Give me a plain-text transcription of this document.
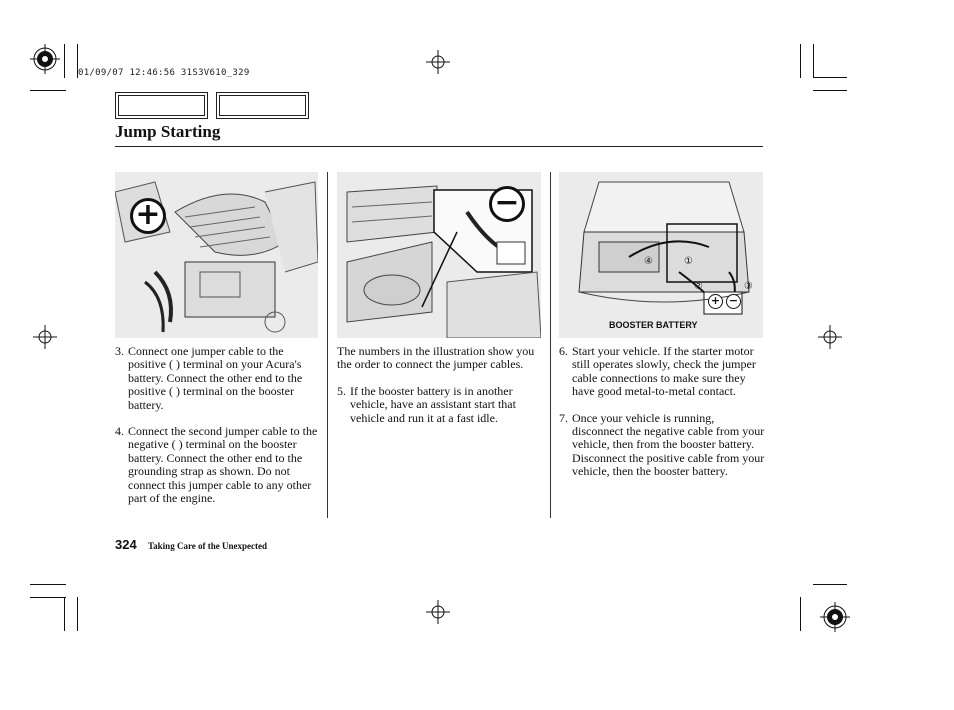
01/09/07 12:46:56 31S3V610_329
Jump Starting
+	−
+ −
①
②	③
④
BOOSTER BATTERY
3. Connect one jumper cable to the positive ( ) terminal on your Acura's battery. Connect the other end to the positive ( ) terminal on the booster battery.
4. Connect the second jumper cable to the negative ( ) terminal on the booster battery. Connect the other end to the grounding strap as shown. Do not connect this jumper cable to any other part of the engine.
The numbers in the illustration show you the order to connect the jumper cables.
5. If the booster battery is in another vehicle, have an assistant start that vehicle and run it at a fast idle.
6. Start your vehicle. If the starter motor still operates slowly, check the jumper cable connections to make sure they have good metal-to-metal contact.
7. Once your vehicle is running, disconnect the negative cable from your vehicle, then from the booster battery. Disconnect the positive cable from your vehicle, then the booster battery.
324 Taking Care of the Unexpected
